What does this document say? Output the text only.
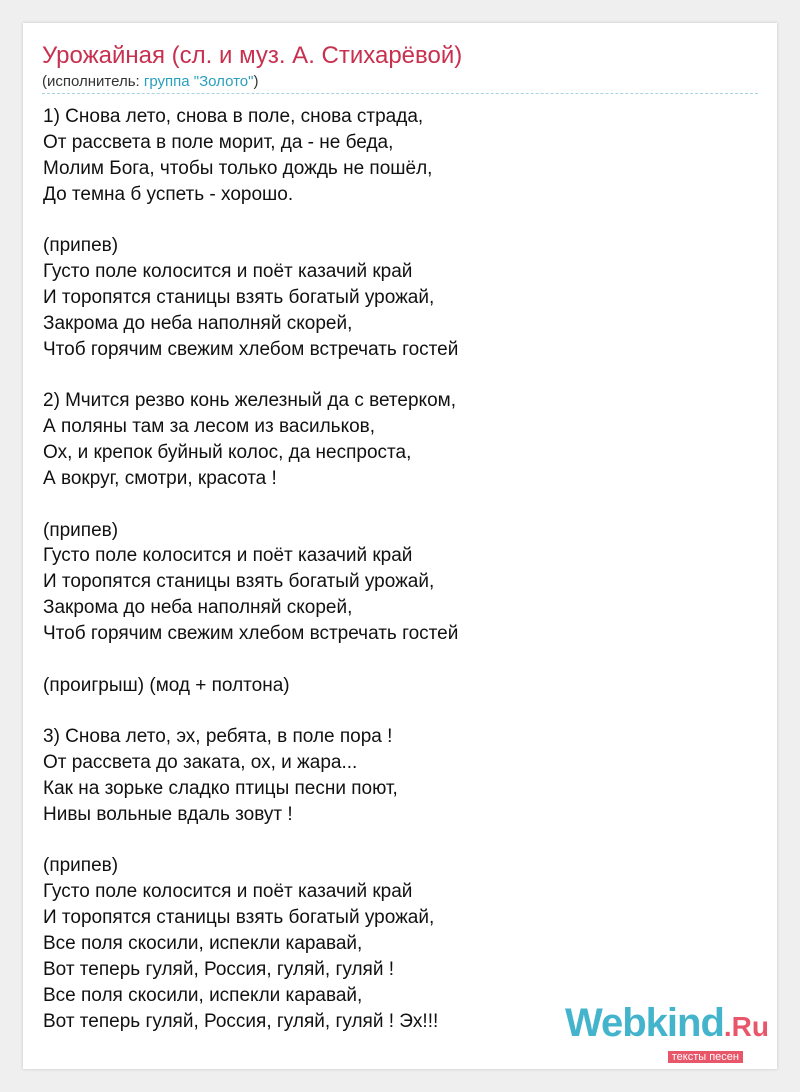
Урожайная (сл. и муз. А. Стихарёвой)
(исполнитель: группа "Золото")
1) Снова лето, снова в поле, снова страда,
От рассвета в поле морит, да - не беда,
Молим Бога, чтобы только дождь не пошёл,
До темна б успеть - хорошо.
(припев)
Густо поле колосится и поёт казачий край
И торопятся станицы взять богатый урожай,
Закрома до неба наполняй скорей,
Чтоб горячим свежим хлебом встречать гостей
2) Мчится резво конь железный да с ветерком,
А поляны там за лесом из васильков,
Ох, и крепок буйный колос, да неспроста,
А вокруг, смотри, красота !
(припев)
Густо поле колосится и поёт казачий край
И торопятся станицы взять богатый урожай,
Закрома до неба наполняй скорей,
Чтоб горячим свежим хлебом встречать гостей
(проигрыш) (мод + полтона)
3) Снова лето, эх, ребята, в поле пора !
От рассвета до заката, ох, и жара...
Как на зорьке сладко птицы песни поют,
Нивы вольные вдаль зовут !
(припев)
Густо поле колосится и поёт казачий край
И торопятся станицы взять богатый урожай,
Все поля скосили, испекли каравай,
Вот теперь гуляй, Россия, гуляй, гуляй !
Все поля скосили, испекли каравай,
Вот теперь гуляй, Россия, гуляй, гуляй ! Эх!!!	Webkind.Ru
тексты песен
